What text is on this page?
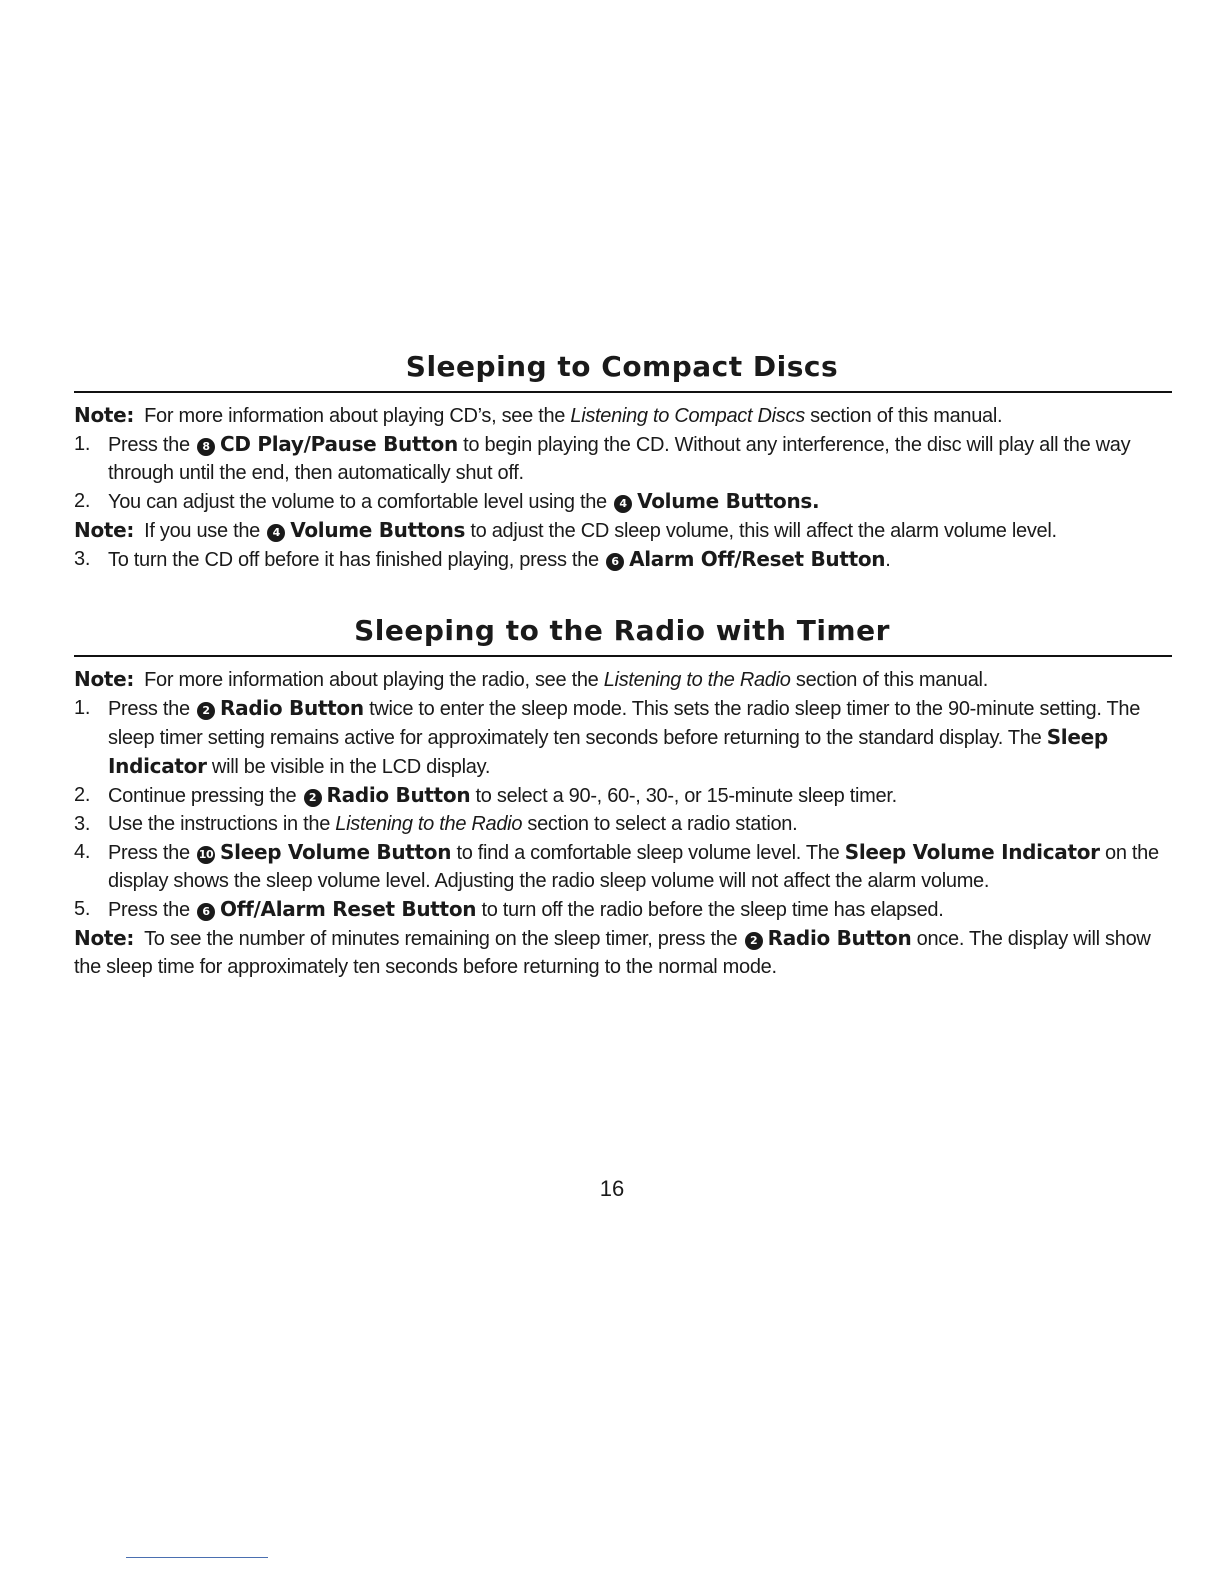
Sleeping to Compact Discs

Note: For more information about playing CD’s, see the Listening to Compact Discs section of this manual.

1. Press the 8 CD Play/Pause Button to begin playing the CD. Without any interference, the disc will play all the way through until the end, then automatically shut off.
2. You can adjust the volume to a comfortable level using the 4 Volume Buttons.

Note: If you use the 4 Volume Buttons to adjust the CD sleep volume, this will affect the alarm volume level.

3. To turn the CD off before it has finished playing, press the 6 Alarm Off/Reset Button.
Sleeping to the Radio with Timer

Note: For more information about playing the radio, see the Listening to the Radio section of this manual.

1. Press the 2 Radio Button twice to enter the sleep mode. This sets the radio sleep timer to the 90-minute setting. The sleep timer setting remains active for approximately ten seconds before returning to the standard display. The Sleep Indicator will be visible in the LCD display.
2. Continue pressing the 2 Radio Button to select a 90-, 60-, 30-, or 15-minute sleep timer.
3. Use the instructions in the Listening to the Radio section to select a radio station.
4. Press the 10 Sleep Volume Button to find a comfortable sleep volume level. The Sleep Volume Indicator on the display shows the sleep volume level. Adjusting the radio sleep volume will not affect the alarm volume.
5. Press the 6 Off/Alarm Reset Button to turn off the radio before the sleep time has elapsed.

Note: To see the number of minutes remaining on the sleep timer, press the 2 Radio Button once. The display will show the sleep time for approximately ten seconds before returning to the normal mode.

16
